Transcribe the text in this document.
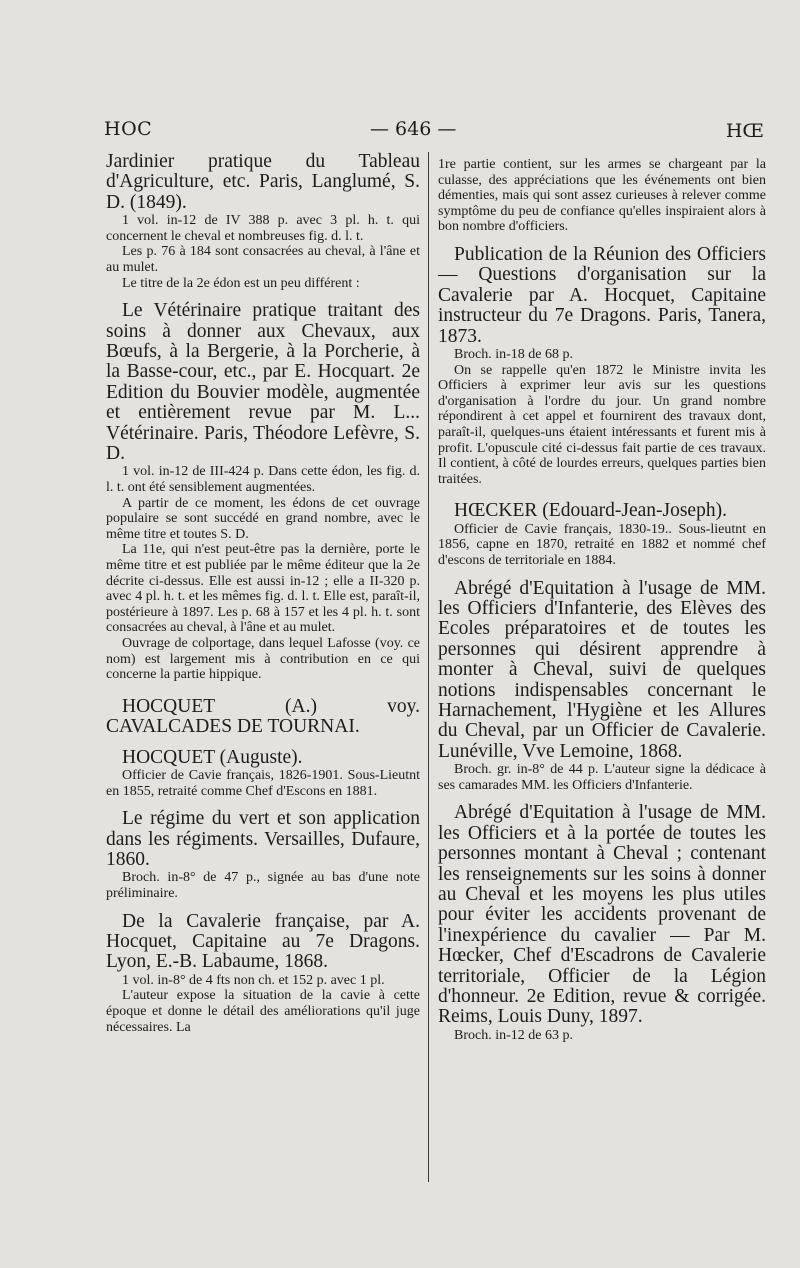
HOC	— 646 —	HŒ

Jardinier pratique du Tableau d'Agriculture, etc. Paris, Langlumé, S. D. (1849).

1 vol. in-12 de IV 388 p. avec 3 pl. h. t. qui concernent le cheval et nombreuses fig. d. l. t.
Les p. 76 à 184 sont consacrées au cheval, à l'âne et au mulet.
Le titre de la 2e édon est un peu différent :

Le Vétérinaire pratique traitant des soins à donner aux Chevaux, aux Bœufs, à la Bergerie, à la Porcherie, à la Basse-cour, etc., par E. Hocquart. 2e Edition du Bouvier modèle, augmentée et entièrement revue par M. L... Vétérinaire. Paris, Théodore Lefèvre, S. D.

1 vol. in-12 de III-424 p. Dans cette édon, les fig. d. l. t. ont été sensiblement augmentées.
A partir de ce moment, les édons de cet ouvrage populaire se sont succédé en grand nombre, avec le même titre et toutes S. D.
La 11e, qui n'est peut-être pas la dernière, porte le même titre et est publiée par le même éditeur que la 2e décrite ci-dessus. Elle est aussi in-12 ; elle a II-320 p. avec 4 pl. h. t. et les mêmes fig. d. l. t. Elle est, paraît-il, postérieure à 1897. Les p. 68 à 157 et les 4 pl. h. t. sont consacrées au cheval, à l'âne et au mulet.
Ouvrage de colportage, dans lequel Lafosse (voy. ce nom) est largement mis à contribution en ce qui concerne la partie hippique.

HOCQUET (A.) voy. CAVALCADES DE TOURNAI.

HOCQUET (Auguste).

Officier de Cavie français, 1826-1901. Sous-Lieutnt en 1855, retraité comme Chef d'Escons en 1881.

Le régime du vert et son application dans les régiments. Versailles, Dufaure, 1860.

Broch. in-8° de 47 p., signée au bas d'une note préliminaire.

De la Cavalerie française, par A. Hocquet, Capitaine au 7e Dragons. Lyon, E.-B. Labaume, 1868.

1 vol. in-8° de 4 fts non ch. et 152 p. avec 1 pl.
L'auteur expose la situation de la cavie à cette époque et donne le détail des améliorations qu'il juge nécessaires. La
1re partie contient, sur les armes se chargeant par la culasse, des appréciations que les événements ont bien démenties, mais qui sont assez curieuses à relever comme symptôme du peu de confiance qu'elles inspiraient alors à bon nombre d'officiers.

Publication de la Réunion des Officiers — Questions d'organisation sur la Cavalerie par A. Hocquet, Capitaine instructeur du 7e Dragons. Paris, Tanera, 1873.

Broch. in-18 de 68 p.
On se rappelle qu'en 1872 le Ministre invita les Officiers à exprimer leur avis sur les questions d'organisation à l'ordre du jour. Un grand nombre répondirent à cet appel et fournirent des travaux dont, paraît-il, quelques-uns étaient intéressants et furent mis à profit. L'opuscule cité ci-dessus fait partie de ces travaux. Il contient, à côté de lourdes erreurs, quelques parties bien traitées.

HŒCKER (Edouard-Jean-Joseph).

Officier de Cavie français, 1830-19.. Sous-lieutnt en 1856, capne en 1870, retraité en 1882 et nommé chef d'escons de territoriale en 1884.

Abrégé d'Equitation à l'usage de MM. les Officiers d'Infanterie, des Elèves des Ecoles préparatoires et de toutes les personnes qui désirent apprendre à monter à Cheval, suivi de quelques notions indispensables concernant le Harnachement, l'Hygiène et les Allures du Cheval, par un Officier de Cavalerie. Lunéville, Vve Lemoine, 1868.

Broch. gr. in-8° de 44 p. L'auteur signe la dédicace à ses camarades MM. les Officiers d'Infanterie.

Abrégé d'Equitation à l'usage de MM. les Officiers et à la portée de toutes les personnes montant à Cheval ; contenant les renseignements sur les soins à donner au Cheval et les moyens les plus utiles pour éviter les accidents provenant de l'inexpérience du cavalier — Par M. Hœcker, Chef d'Escadrons de Cavalerie territoriale, Officier de la Légion d'honneur. 2e Edition, revue & corrigée. Reims, Louis Duny, 1897.

Broch. in-12 de 63 p.
